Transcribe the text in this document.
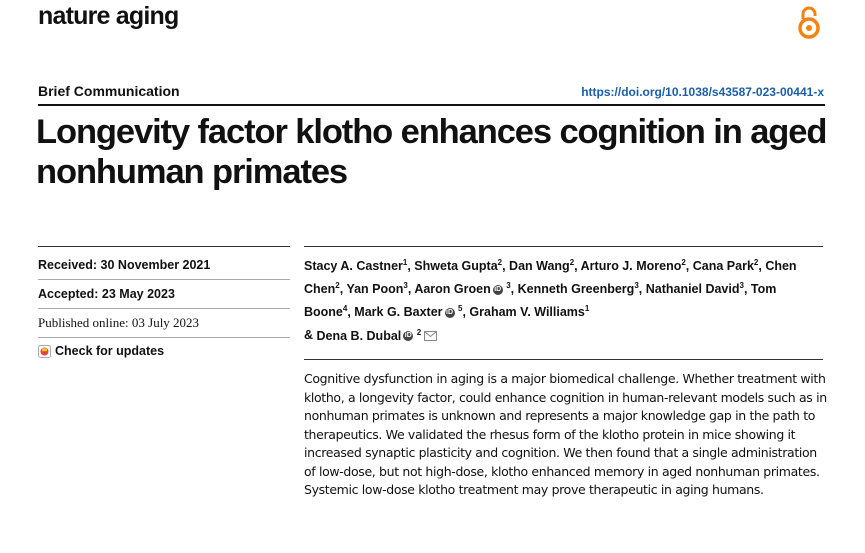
nature aging
Brief Communication	https://doi.org/10.1038/s43587-023-00441-x
Longevity factor klotho enhances cognition in aged nonhuman primates
Received: 30 November 2021
Accepted: 23 May 2023
Published online: 03 July 2023
Check for updates

Stacy A. Castner$^1$, Shweta Gupta$^2$, Dan Wang$^2$, Arturo J. Moreno$^2$, Cana Park$^2$, Chen Chen$^2$, Yan Poon$^3$, Aaron Groen iD $^3$, Kenneth Greenberg$^3$, Nathaniel David$^3$, Tom Boone$^4$, Mark G. Baxter iD $^5$, Graham V. Williams$^1$
& Dena B. Dubal iD $^2$

Cognitive dysfunction in aging is a major biomedical challenge. Whether treatment with klotho, a longevity factor, could enhance cognition in human-relevant models such as in nonhuman primates is unknown and represents a major knowledge gap in the path to therapeutics. We validated the rhesus form of the klotho protein in mice showing it increased synaptic plasticity and cognition. We then found that a single administration of low-dose, but not high-dose, klotho enhanced memory in aged nonhuman primates. Systemic low-dose klotho treatment may prove therapeutic in aging humans.
